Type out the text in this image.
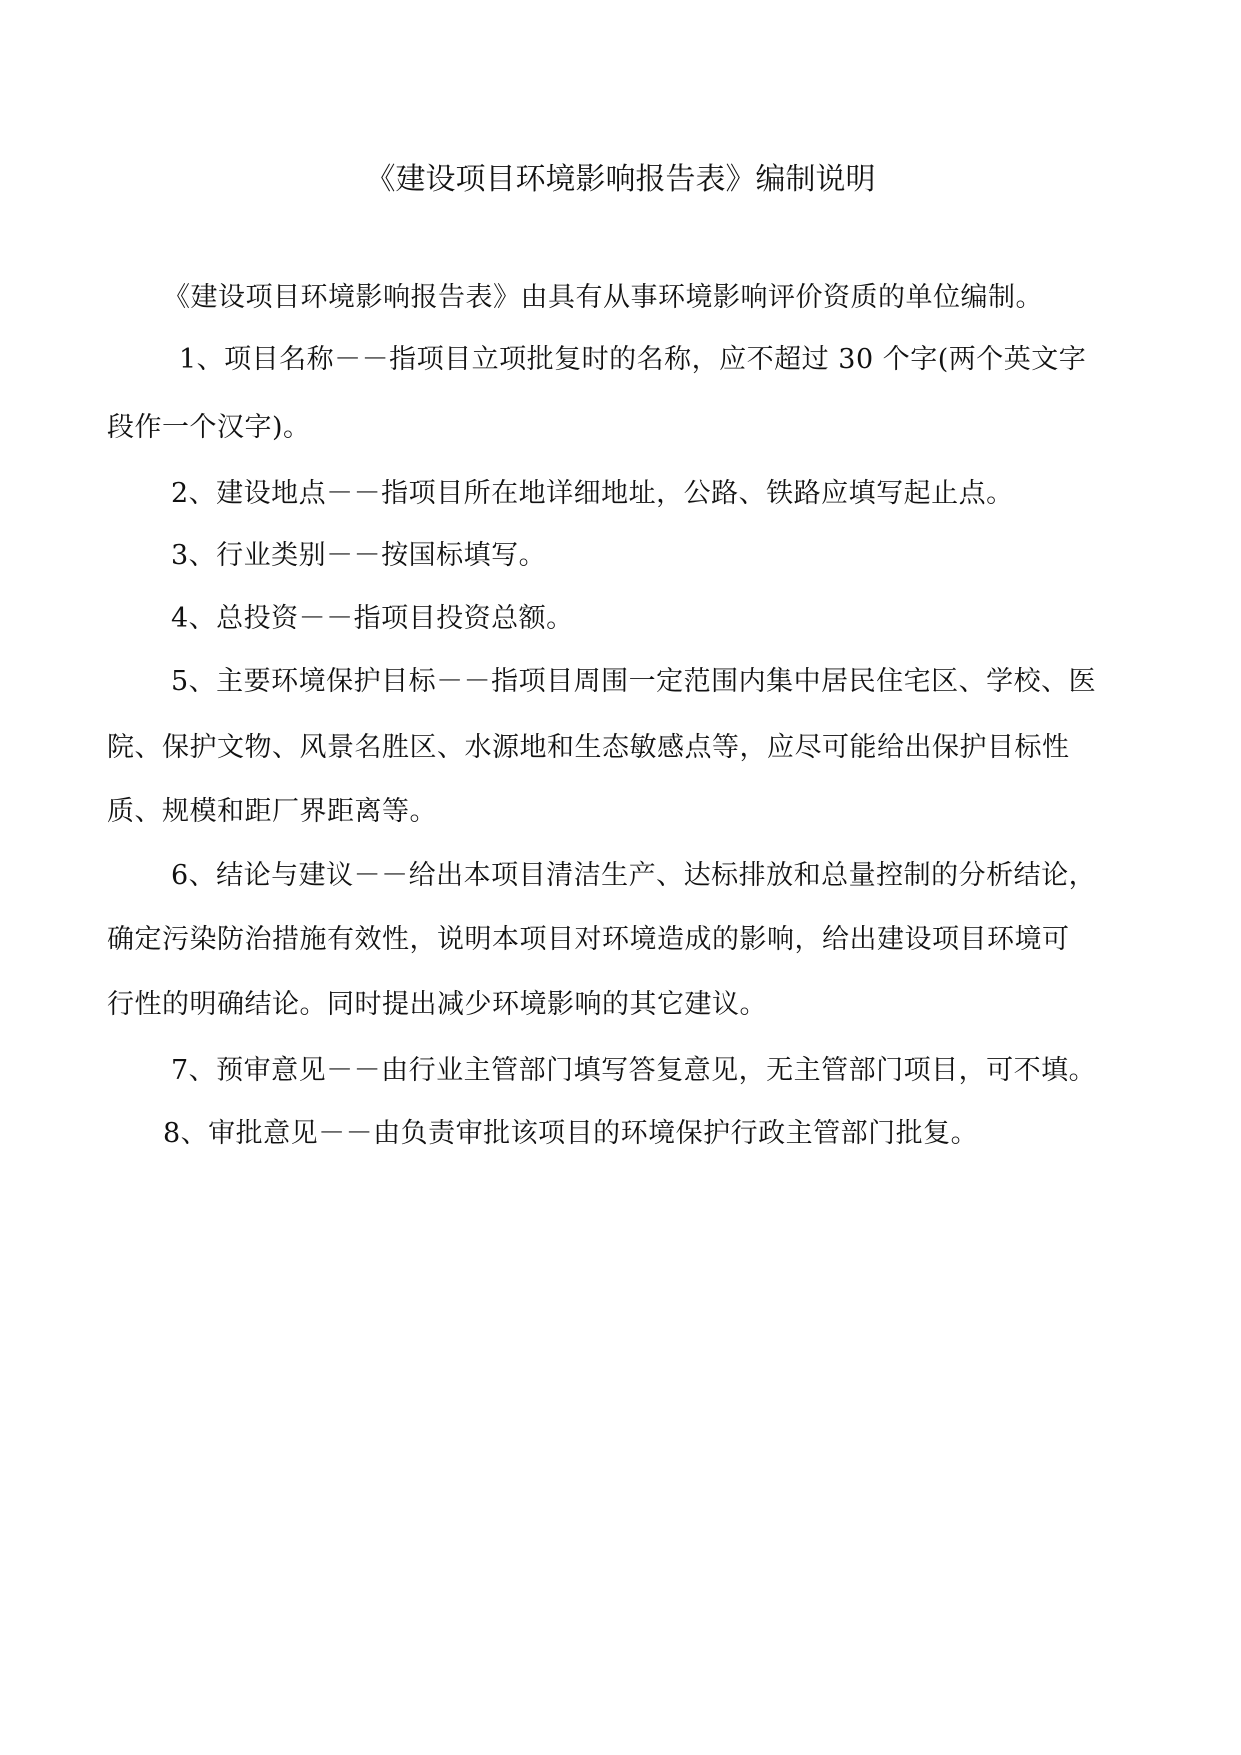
《建设项目环境影响报告表》编制说明
《建设项目环境影响报告表》由具有从事环境影响评价资质的单位编制。
1、项目名称－－指项目立项批复时的名称，应不超过 30 个字(两个英文字
段作一个汉字)。
2、建设地点－－指项目所在地详细地址，公路、铁路应填写起止点。
3、行业类别－－按国标填写。
4、总投资－－指项目投资总额。
5、主要环境保护目标－－指项目周围一定范围内集中居民住宅区、学校、医
院、保护文物、风景名胜区、水源地和生态敏感点等，应尽可能给出保护目标性
质、规模和距厂界距离等。
6、结论与建议－－给出本项目清洁生产、达标排放和总量控制的分析结论，
确定污染防治措施有效性，说明本项目对环境造成的影响，给出建设项目环境可
行性的明确结论。同时提出减少环境影响的其它建议。
7、预审意见－－由行业主管部门填写答复意见，无主管部门项目，可不填。
8、审批意见－－由负责审批该项目的环境保护行政主管部门批复。
